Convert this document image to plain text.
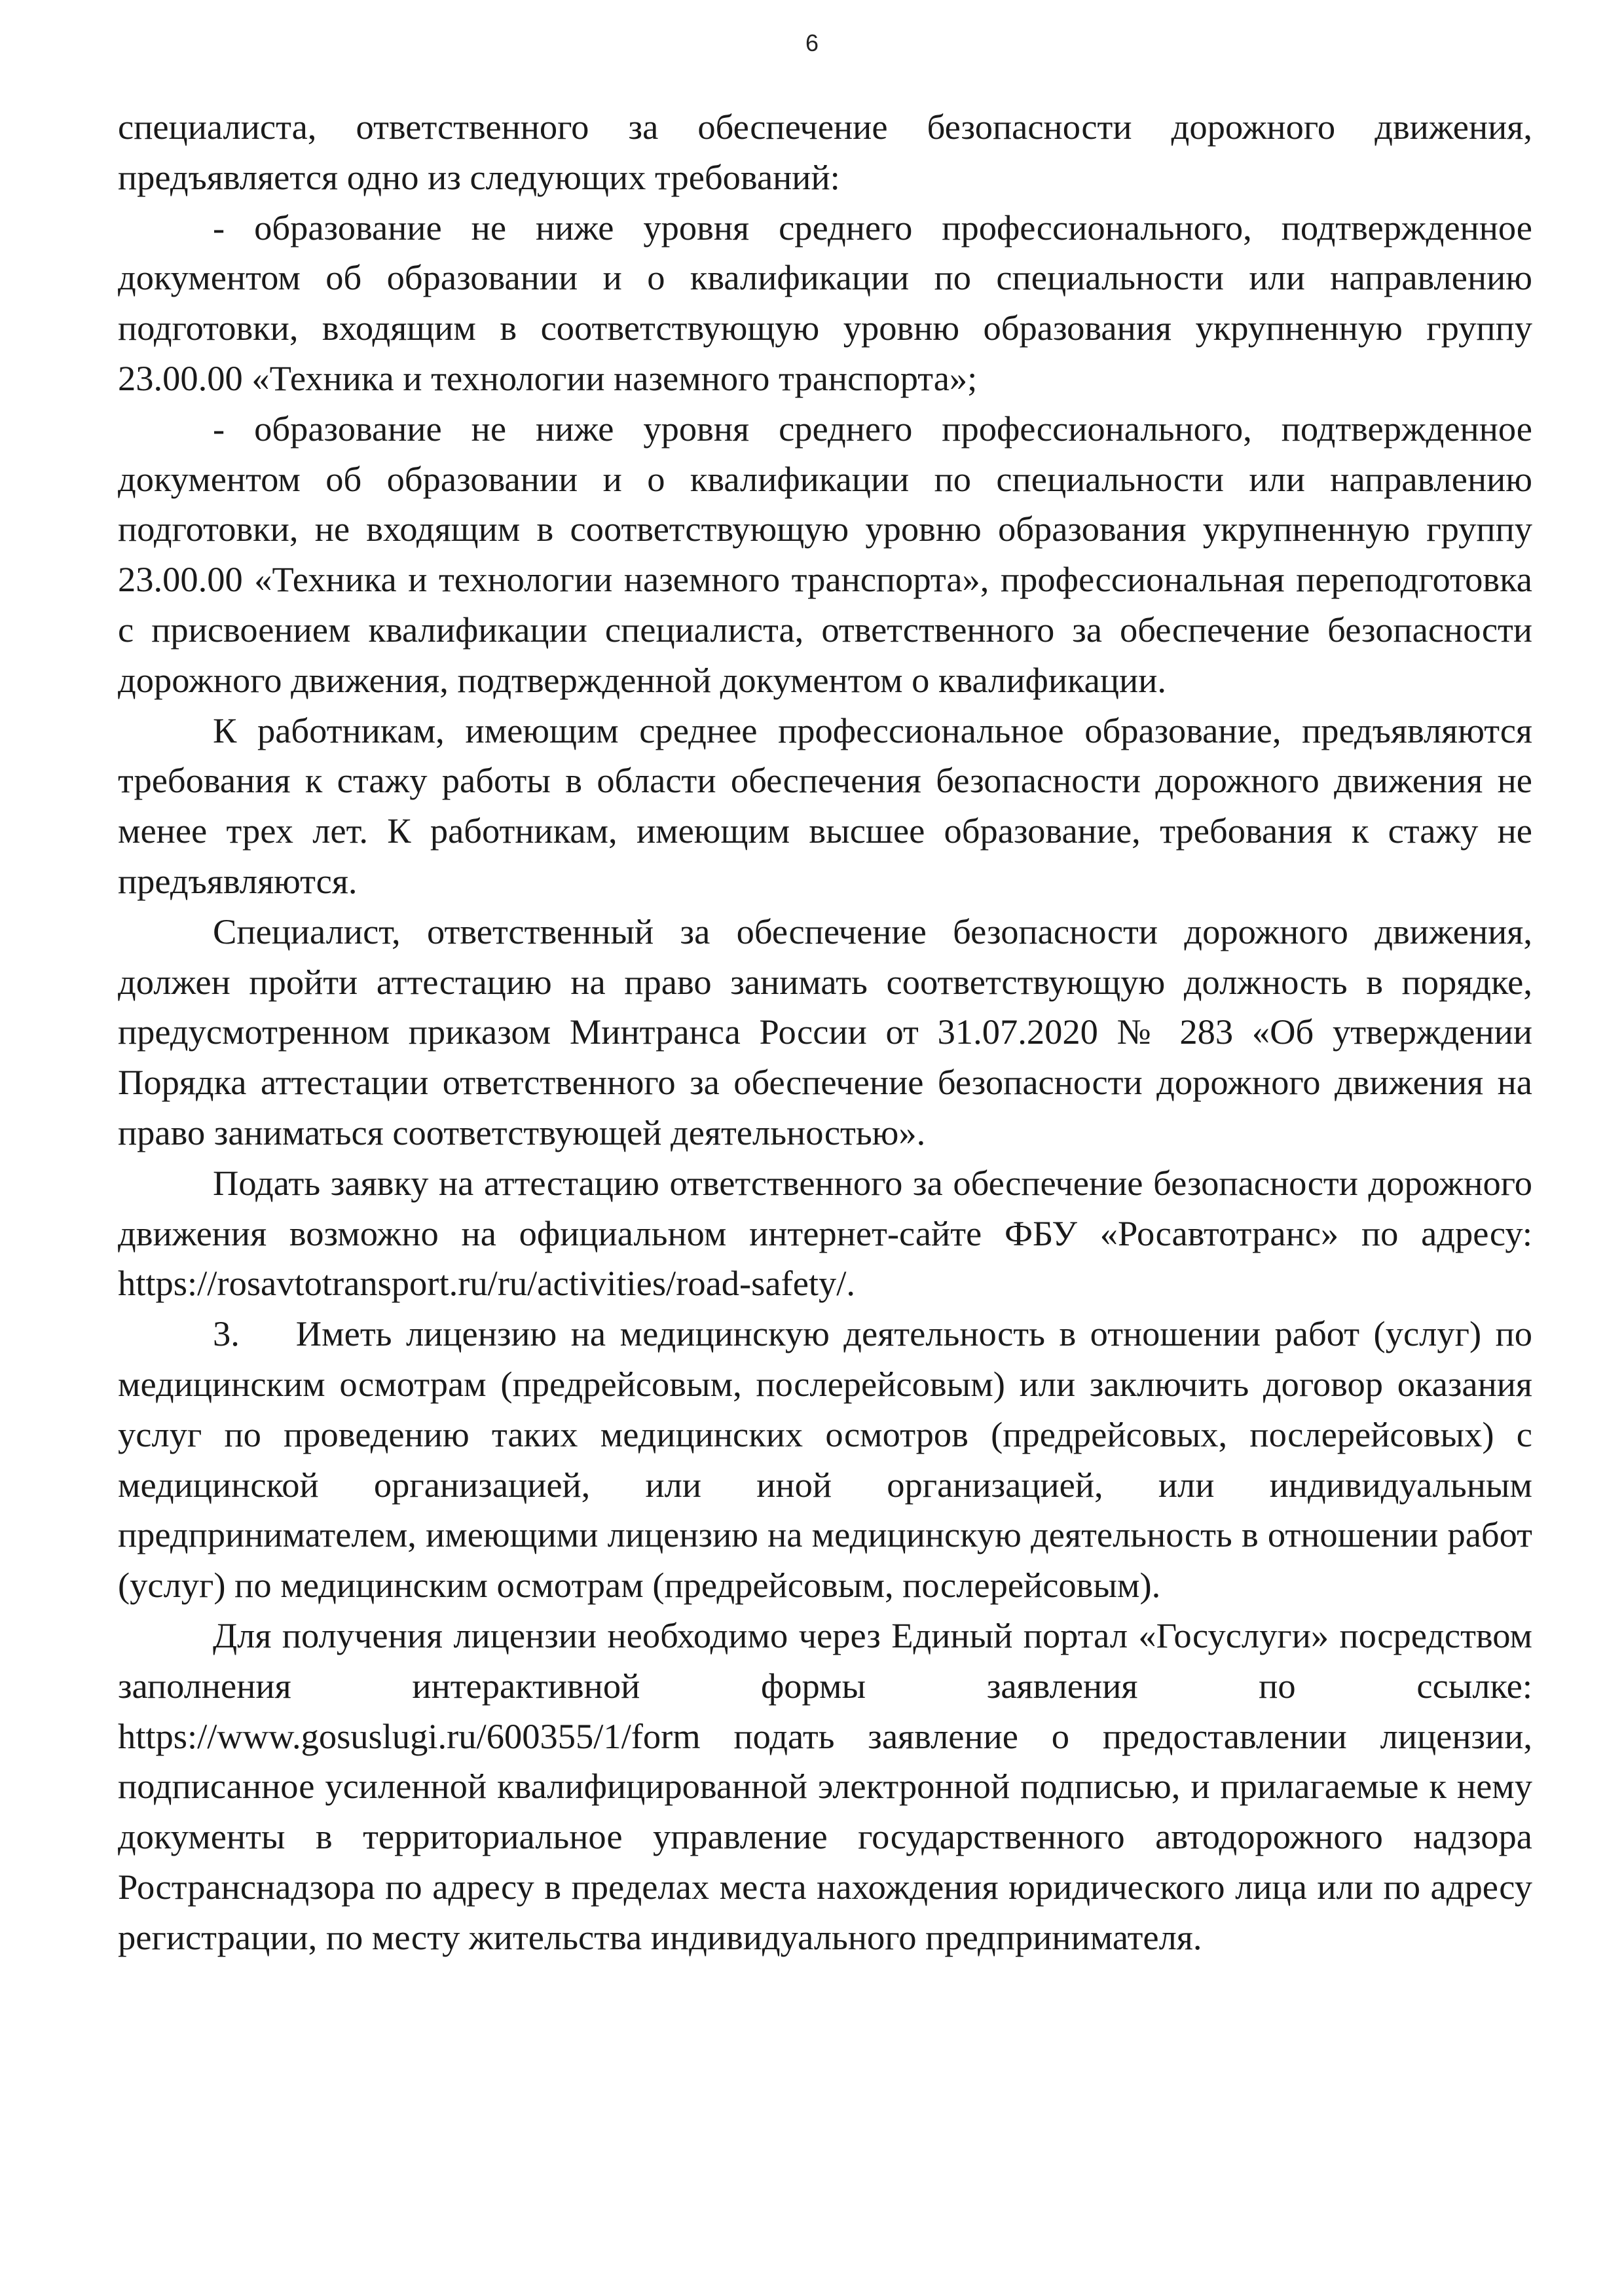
6

специалиста, ответственного за обеспечение безопасности дорожного движения, предъявляется одно из следующих требований:

- образование не ниже уровня среднего профессионального, подтвержденное документом об образовании и о квалификации по специальности или направлению подготовки, входящим в соответствующую уровню образования укрупненную группу 23.00.00 «Техника и технологии наземного транспорта»;

- образование не ниже уровня среднего профессионального, подтвержденное документом об образовании и о квалификации по специальности или направлению подготовки, не входящим в соответствующую уровню образования укрупненную группу 23.00.00 «Техника и технологии наземного транспорта», профессиональная переподготовка с присвоением квалификации специалиста, ответственного за обеспечение безопасности дорожного движения, подтвержденной документом о квалификации.

К работникам, имеющим среднее профессиональное образование, предъявляются требования к стажу работы в области обеспечения безопасности дорожного движения не менее трех лет. К работникам, имеющим высшее образование, требования к стажу не предъявляются.

Специалист, ответственный за обеспечение безопасности дорожного движения, должен пройти аттестацию на право занимать соответствующую должность в порядке, предусмотренном приказом Минтранса России от 31.07.2020 № 283 «Об утверждении Порядка аттестации ответственного за обеспечение безопасности дорожного движения на право заниматься соответствующей деятельностью».

Подать заявку на аттестацию ответственного за обеспечение безопасности дорожного движения возможно на официальном интернет-сайте ФБУ «Росавтотранс» по адресу: https://rosavtotransport.ru/ru/activities/road-safety/.

3.    Иметь лицензию на медицинскую деятельность в отношении работ (услуг) по медицинским осмотрам (предрейсовым, послерейсовым) или заключить договор оказания услуг по проведению таких медицинских осмотров (предрейсовых, послерейсовых) с медицинской организацией, или иной организацией, или индивидуальным предпринимателем, имеющими лицензию на медицинскую деятельность в отношении работ (услуг) по медицинским осмотрам (предрейсовым, послерейсовым).

Для получения лицензии необходимо через Единый портал «Госуслуги» посредством заполнения интерактивной формы заявления по ссылке: https://www.gosuslugi.ru/600355/1/form подать заявление о предоставлении лицензии, подписанное усиленной квалифицированной электронной подписью, и прилагаемые к нему документы в территориальное управление государственного автодорожного надзора Ространснадзора по адресу в пределах места нахождения юридического лица или по адресу регистрации, по месту жительства индивидуального предпринимателя.
